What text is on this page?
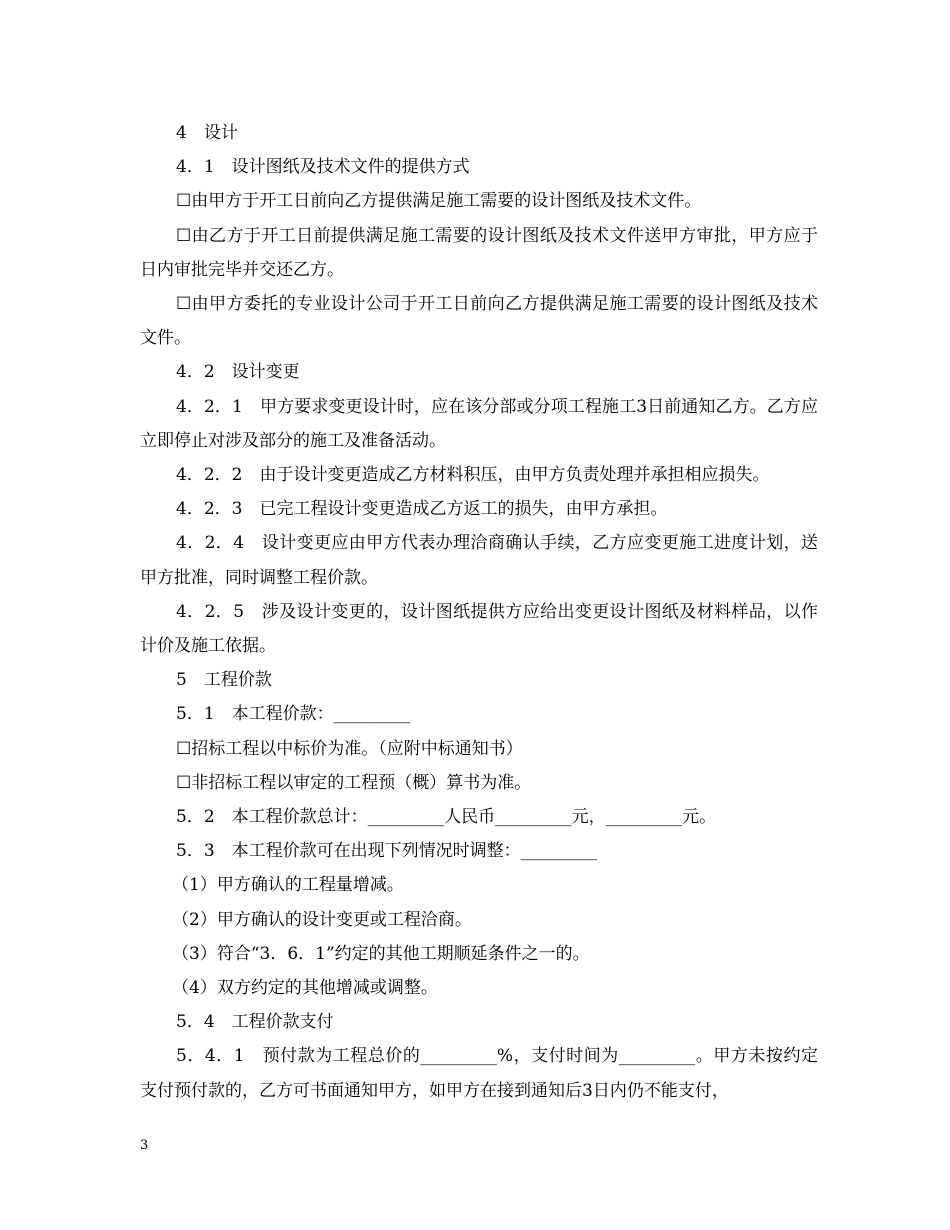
4　设计

4．1　设计图纸及技术文件的提供方式

☐由甲方于开工日前向乙方提供满足施工需要的设计图纸及技术文件。

☐由乙方于开工日前提供满足施工需要的设计图纸及技术文件送甲方审批，甲方应于日内审批完毕并交还乙方。

☐由甲方委托的专业设计公司于开工日前向乙方提供满足施工需要的设计图纸及技术文件。

4．2　设计变更

4．2．1　甲方要求变更设计时，应在该分部或分项工程施工3日前通知乙方。乙方应立即停止对涉及部分的施工及准备活动。

4．2．2　由于设计变更造成乙方材料积压，由甲方负责处理并承担相应损失。

4．2．3　已完工程设计变更造成乙方返工的损失，由甲方承担。

4．2．4　设计变更应由甲方代表办理洽商确认手续，乙方应变更施工进度计划，送甲方批准，同时调整工程价款。

4．2．5　涉及设计变更的，设计图纸提供方应给出变更设计图纸及材料样品，以作计价及施工依据。

5　工程价款

5．1　本工程价款：_________

☐招标工程以中标价为准。（应附中标通知书）

☐非招标工程以审定的工程预（概）算书为准。

5．2　本工程价款总计：_________人民币_________元，_________元。

5．3　本工程价款可在出现下列情况时调整：_________

（1）甲方确认的工程量增减。

（2）甲方确认的设计变更或工程洽商。

（3）符合“3．6．1”约定的其他工期顺延条件之一的。

（4）双方约定的其他增减或调整。

5．4　工程价款支付

5．4．1　预付款为工程总价的_________%，支付时间为_________。甲方未按约定支付预付款的，乙方可书面通知甲方，如甲方在接到通知后3日内仍不能支付，

3
